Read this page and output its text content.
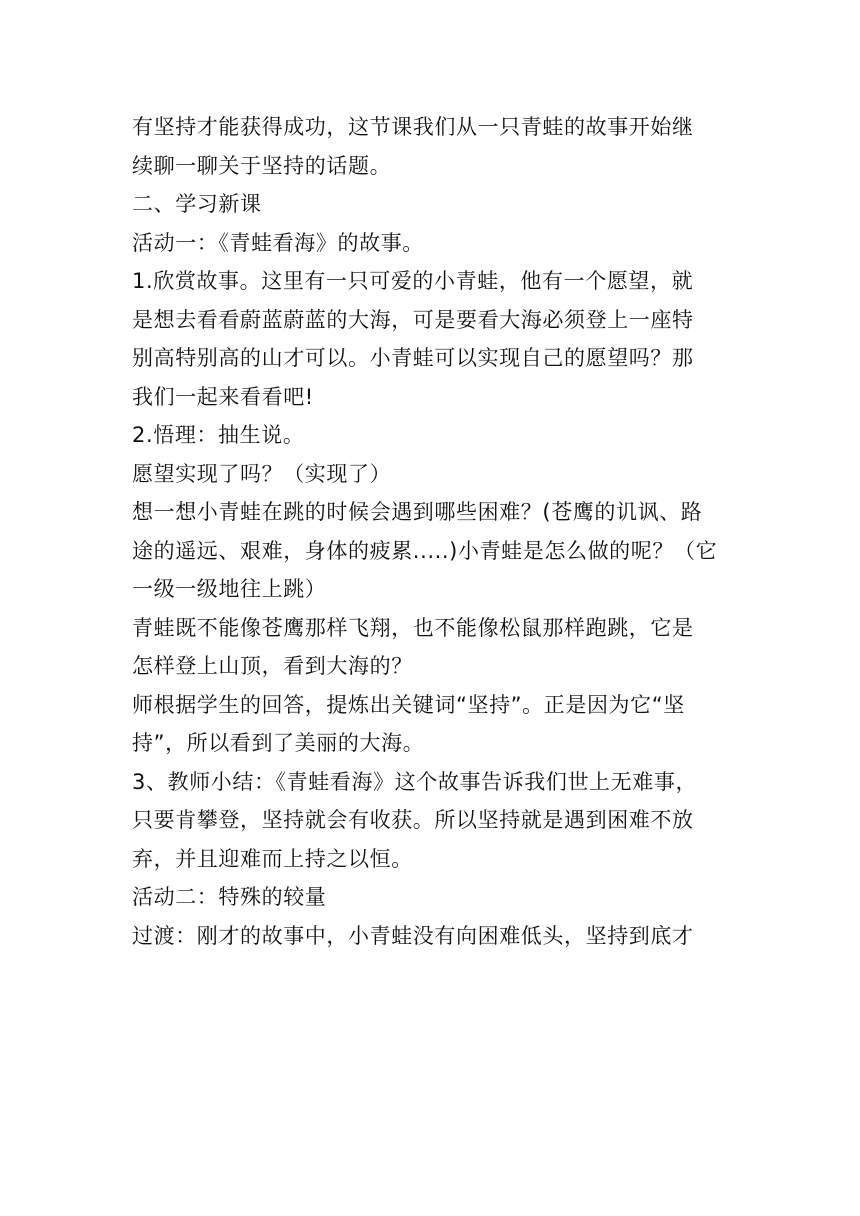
有坚持才能获得成功，这节课我们从一只青蛙的故事开始继
续聊一聊关于坚持的话题。
二、学习新课
活动一：《青蛙看海》的故事。
1.欣赏故事。这里有一只可爱的小青蛙，他有一个愿望，就
是想去看看蔚蓝蔚蓝的大海，可是要看大海必须登上一座特
别高特别高的山才可以。小青蛙可以实现自己的愿望吗？那
我们一起来看看吧!
2.悟理：抽生说。
愿望实现了吗？（实现了）
想一想小青蛙在跳的时候会遇到哪些困难？(苍鹰的讥讽、路
途的遥远、艰难，身体的疲累.....)小青蛙是怎么做的呢？（它
一级一级地往上跳）
青蛙既不能像苍鹰那样飞翔，也不能像松鼠那样跑跳，它是
怎样登上山顶，看到大海的？
师根据学生的回答，提炼出关键词“坚持”。正是因为它“坚
持”，所以看到了美丽的大海。
3、教师小结：《青蛙看海》这个故事告诉我们世上无难事，
只要肯攀登，坚持就会有收获。所以坚持就是遇到困难不放
弃，并且迎难而上持之以恒。
活动二：特殊的较量
过渡：刚才的故事中，小青蛙没有向困难低头，坚持到底才
